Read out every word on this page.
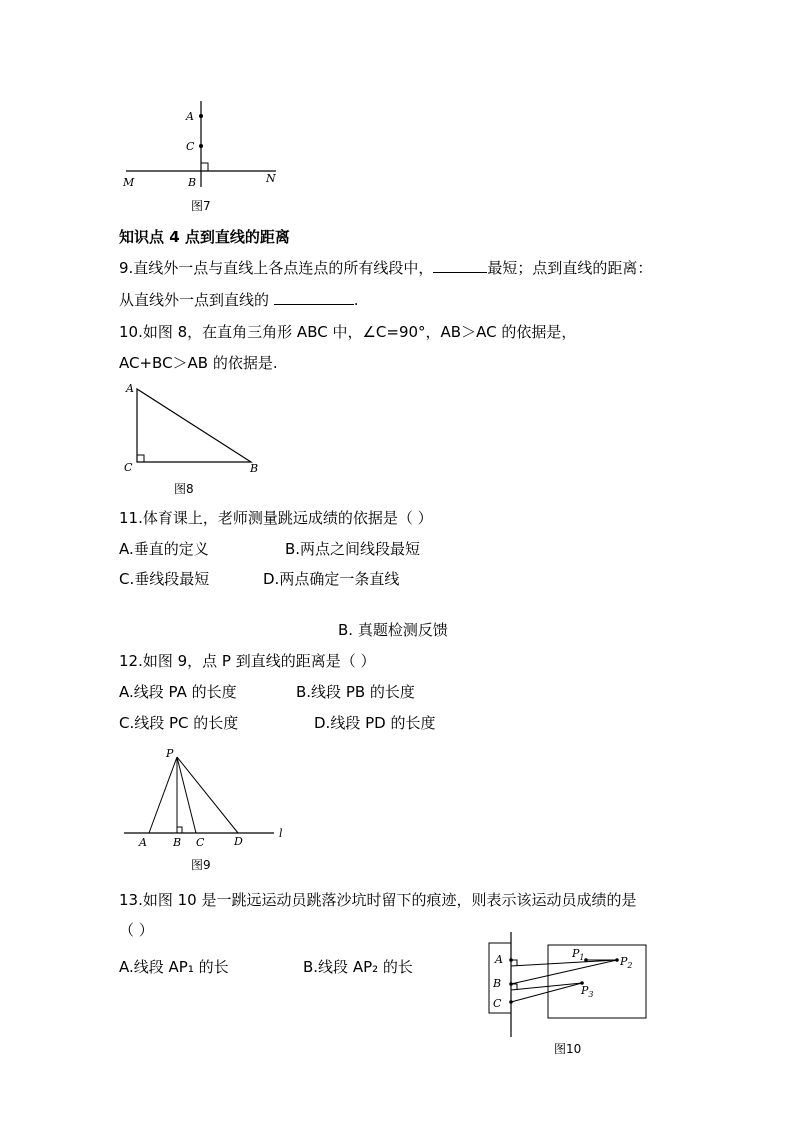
A
C
M	B	N
图7
知识点 4 点到直线的距离
9.直线外一点与直线上各点连点的所有线段中，	最短；点到直线的距离：
从直线外一点到直线的	.
10.如图 8，在直角三角形 ABC 中，∠C=90°，AB＞AC 的依据是，
AC+BC＞AB 的依据是.
A
C	B
图8
11.体育课上，老师测量跳远成绩的依据是（ ）
A.垂直的定义	B.两点之间线段最短
C.垂线段最短	D.两点确定一条直线
B. 真题检测反馈
12.如图 9，点 P 到直线的距离是（ ）
A.线段 PA 的长度	B.线段 PB 的长度
C.线段 PC 的长度	D.线段 PD 的长度
P
A B C	D
l
图9
13.如图 10 是一跳远运动员跳落沙坑时留下的痕迹，则表示该运动员成绩的是
（ ）
A.线段 AP₁ 的长	B.线段 AP₂ 的长	A
B
C
$P_1$	$P_2$
$P_3$
图10
